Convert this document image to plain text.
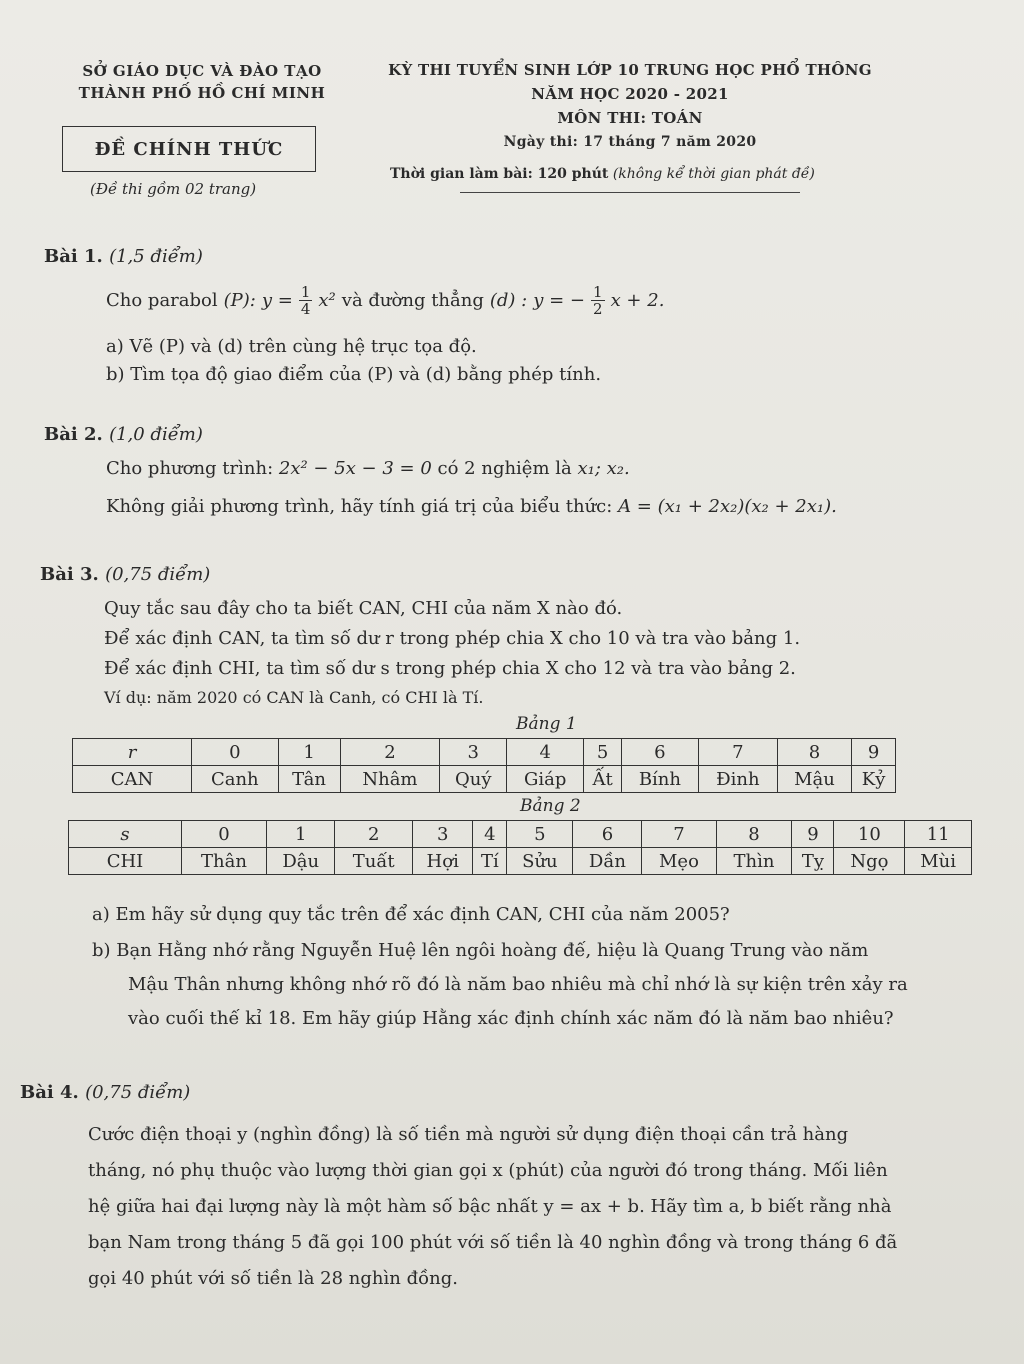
SỞ GIÁO DỤC VÀ ĐÀO TẠO
THÀNH PHỐ HỒ CHÍ MINH
KỲ THI TUYỂN SINH LỚP 10 TRUNG HỌC PHỔ THÔNG
NĂM HỌC 2020 - 2021
MÔN THI: TOÁN
Ngày thi: 17 tháng 7 năm 2020
ĐỀ CHÍNH THỨC
(Đề thi gồm 02 trang)
Thời gian làm bài: 120 phút (không kể thời gian phát đề)
Bài 1. (1,5 điểm)
Cho parabol (P): $y = \frac{1}{4} x^2$ và đường thẳng (d) : y = − $\frac{1}{2}$ x + 2.
a) Vẽ (P) và (d) trên cùng hệ trục tọa độ.
b) Tìm tọa độ giao điểm của (P) và (d) bằng phép tính.
Bài 2. (1,0 điểm)
Cho phương trình: 2x² − 5x − 3 = 0 có 2 nghiệm là x₁; x₂.
Không giải phương trình, hãy tính giá trị của biểu thức: A = (x₁ + 2x₂)(x₂ + 2x₁).
Bài 3. (0,75 điểm)
Quy tắc sau đây cho ta biết CAN, CHI của năm X nào đó.
Để xác định CAN, ta tìm số dư r trong phép chia X cho 10 và tra vào bảng 1.
Để xác định CHI, ta tìm số dư s trong phép chia X cho 12 và tra vào bảng 2.
Ví dụ: năm 2020 có CAN là Canh, có CHI là Tí.
Bảng 1
r	0	1	2	3	4	5	6	7	8	9
CAN	Canh	Tân	Nhâm	Quý	Giáp	Ất	Bính	Đinh	Mậu	Kỷ
Bảng 2
s	0	1	2	3	4	5	6	7	8	9	10	11
CHI	Thân	Dậu	Tuất	Hợi	Tí	Sửu	Dần	Mẹo	Thìn	Tỵ	Ngọ	Mùi
a) Em hãy sử dụng quy tắc trên để xác định CAN, CHI của năm 2005?
b) Bạn Hằng nhớ rằng Nguyễn Huệ lên ngôi hoàng đế, hiệu là Quang Trung vào năm
Mậu Thân nhưng không nhớ rõ đó là năm bao nhiêu mà chỉ nhớ là sự kiện trên xảy ra
vào cuối thế kỉ 18. Em hãy giúp Hằng xác định chính xác năm đó là năm bao nhiêu?
Bài 4. (0,75 điểm)
Cước điện thoại y (nghìn đồng) là số tiền mà người sử dụng điện thoại cần trả hàng
tháng, nó phụ thuộc vào lượng thời gian gọi x (phút) của người đó trong tháng. Mối liên
hệ giữa hai đại lượng này là một hàm số bậc nhất y = ax + b. Hãy tìm a, b biết rằng nhà
bạn Nam trong tháng 5 đã gọi 100 phút với số tiền là 40 nghìn đồng và trong tháng 6 đã
gọi 40 phút với số tiền là 28 nghìn đồng.
